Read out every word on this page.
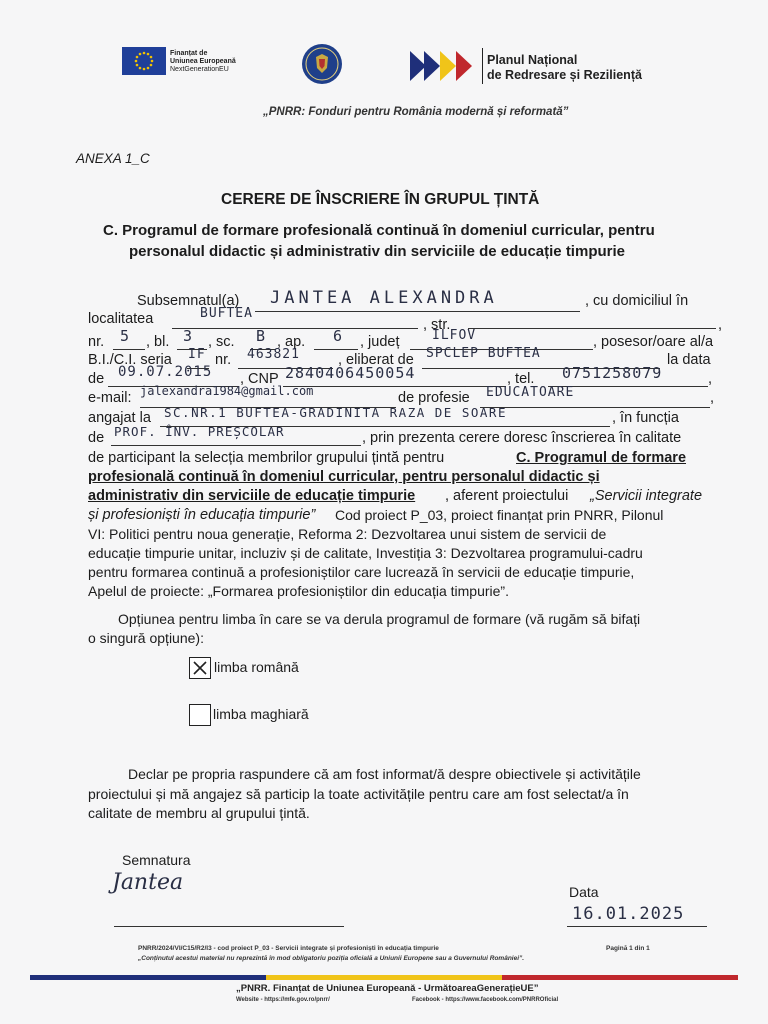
Finanțat de
Uniunea Europeană
NextGenerationEU
Planul Național
de Redresare și Reziliență
„PNRR: Fonduri pentru România modernă și reformată”
ANEXA 1_C
CERERE DE ÎNSCRIERE ÎN GRUPUL ȚINTĂ
C. Programul de formare profesională continuă în domeniul curricular, pentru
personalul didactic și administrativ din serviciile de educație timpurie
Subsemnatul(a) JANTEA ALEXANDRA	, cu domiciliul în
localitatea	BUFTEA
, str.	,
nr. 5 , bl. 3 , sc. B , ap. 6 , județ	ILFOV	, posesor/oare al/a
B.I./C.I. seria IF nr. 463821	, eliberat de SPCLEP BUFTEA	la data
de 09.07.2015 , CNP 2840406450054	, tel. 0751258079	,
e-mail: jalexandra1984@gmail.com	de profesie EDUCATOARE	,
angajat la SC.NR.1 BUFTEA-GRADINITA RAZA DE SOARE	, în funcția
de PROF. ÎNV. PREȘCOLAR	, prin prezenta cerere doresc înscrierea în calitate
de participant la selecția membrilor grupului țintă pentru	C. Programul de formare
profesională continuă în domeniul curricular, pentru personalul didactic și
administrativ din serviciile de educație timpurie , aferent proiectului „Servicii integrate
și profesioniști în educația timpurie” Cod proiect P_03, proiect finanțat prin PNRR, Pilonul
VI: Politici pentru noua generație, Reforma 2: Dezvoltarea unui sistem de servicii de
educație timpurie unitar, incluziv și de calitate, Investiția 3: Dezvoltarea programului-cadru
pentru formarea continuă a profesioniștilor care lucrează în servicii de educație timpurie,
Apelul de proiecte: „Formarea profesioniștilor din educația timpurie”.
Opțiunea pentru limba în care se va derula programul de formare (vă rugăm să bifați
o singură opțiune):
limba română
limba maghiară
Declar pe propria raspundere că am fost informat/ă despre obiectivele și activitățile
proiectului și mă angajez să particip la toate activitățile pentru care am fost selectat/a în
calitate de membru al grupului țintă.
Semnatura
Jantea	Data
16.01.2025
PNRR/2024/VI/C15/R2/I3 - cod proiect P_03 - Servicii integrate și profesioniști în educația timpurie	Pagină 1 din 1
„Conținutul acestui material nu reprezintă în mod obligatoriu poziția oficială a Uniunii Europene sau a Guvernului României”.
„PNRR. Finanțat de Uniunea Europeană - UrmătoareaGenerațieUE”
Website - https://mfe.gov.ro/pnrr/	Facebook - https://www.facebook.com/PNRROficial
